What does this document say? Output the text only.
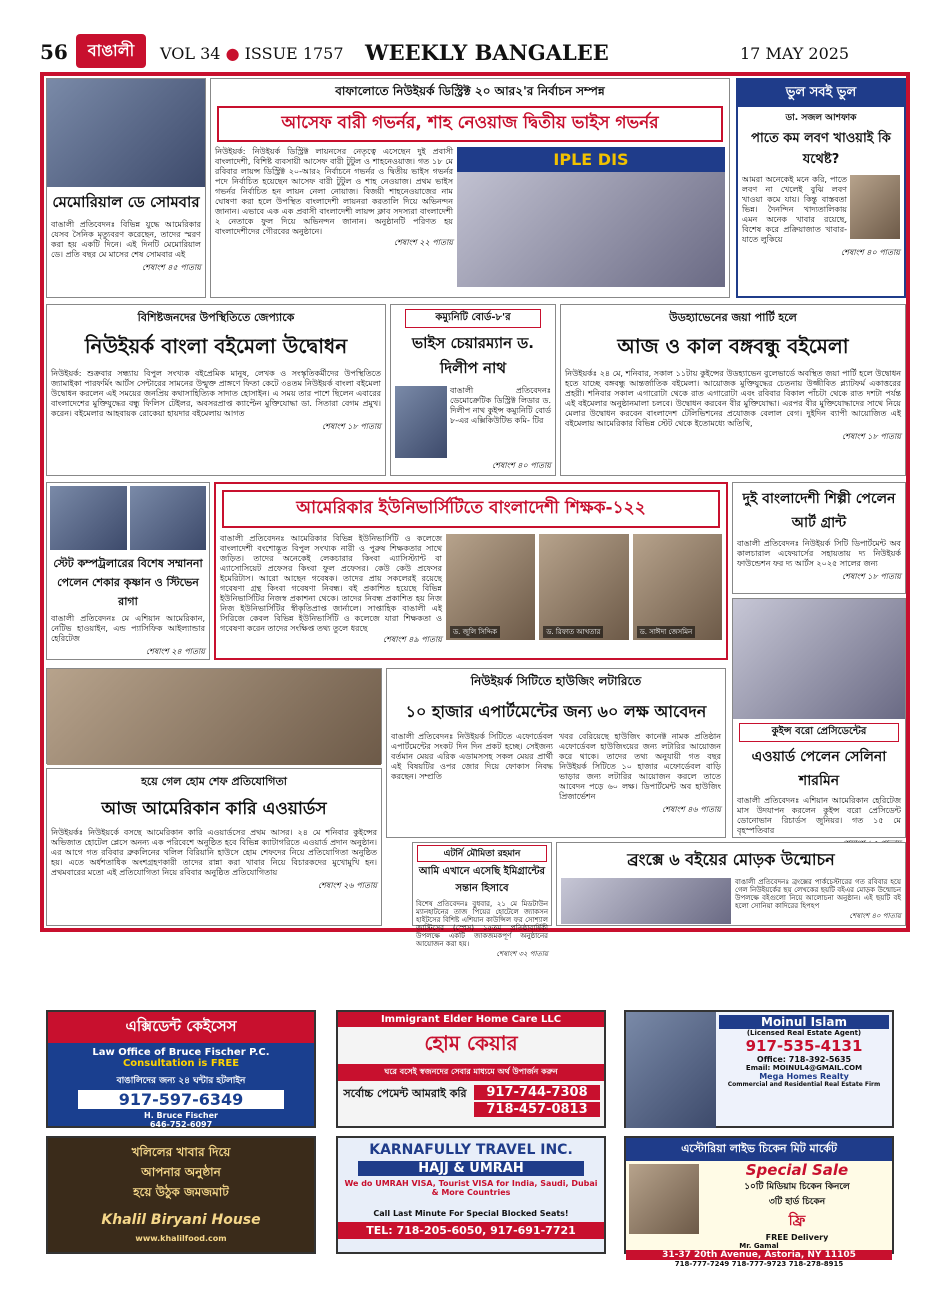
56	বাঙালী	VOL 34 ● ISSUE 1757 WEEKLY BANGALEE	17 MAY 2025
মেমোরিয়াল ডে সোমবার
বাঙালী প্রতিবেদনঃ বিভিন্ন যুদ্ধে আমেরিকার যেসব সৈনিক মৃত্যুবরণ করেছেন, তাদের স্মরণ করা হয় একটি দিনে। এই দিনটি মেমোরিয়াল ডে। প্রতি বছর মে মাসের শেষ সোমবার এই
শেষাংশ ৪৫ পাতায়
বাফালোতে নিউইয়র্ক ডিস্ট্রিক্ট ২০ আর২'র নির্বাচন সম্পন্ন
আসেফ বারী গভর্নর, শাহ নেওয়াজ দ্বিতীয় ভাইস গভর্নর
নিউইয়র্ক: নিউইয়র্ক ডিস্ট্রিক্ট লায়নসের নেতৃত্বে এসেছেন দুই প্রবাসী বাংলাদেশী, বিশিষ্ট ব্যবসায়ী আসেফ বারী টুটুল ও শাহনেওয়াজ। গত ১৮ মে রবিবার লায়ন্স ডিস্ট্রিক্ট ২০-আর২ নির্বাচনে গভর্নর ও দ্বিতীয় ভাইস গভর্নর পদে নির্বাচিত হয়েছেন আসেফ বারী টুটুল ও শাহ নেওয়াজ। প্রথম ভাইস গভর্নর নির্বাচিত হন লায়ন নেলা নোয়াজ। বিজয়ী শাহনেওয়াজের নাম ঘোষণা করা হলে উপস্থিত বাংলাদেশী লায়নরা করতালি দিয়ে অভিনন্দন জানান। এভাবে এক এক প্রবাসী বাংলাদেশী লায়ন্স ক্লাব সদস্যরা বাংলাদেশী ২ নেতাকে ফুল দিয়ে অভিনন্দন জানান। অনুষ্ঠানটি পরিণত হয় বাংলাদেশীদের গৌরবের অনুষ্ঠানে।
শেষাংশ ২২ পাতায়
IPLE DIS
ভুল সবই ভুল
ডা. সজল আশফাক
পাতে কম লবণ খাওয়াই কি যথেষ্ট?
আমরা অনেকেই মনে করি, পাতে লবণ না খেলেই বুঝি লবণ খাওয়া কমে যায়। কিন্তু বাস্তবতা ভিন্ন। দৈনন্দিন খাদ্যতালিকায় এমন অনেক খাবার রয়েছে, বিশেষ করে প্রক্রিয়াজাত খাবার- যাতে লুকিয়ে
শেষাংশ ৪০ পাতায়
বিশিষ্টজনদের উপস্থিতিতে জেপ্যাকে
নিউইয়র্ক বাংলা বইমেলা উদ্বোধন
নিউইয়র্ক: শুক্রবার সন্ধ্যায় বিপুল সংখ্যক বইপ্রেমিক মানুষ, লেখক ও সংস্কৃতিকর্মীদের উপস্থিতিতে জ্যামাইকা পারফর্মিং আর্টস সেন্টারের সামনের উন্মুক্ত প্রাঙ্গণে ফিতা কেটে ৩৪তম নিউইয়র্ক বাংলা বইমেলা উদ্বোধন করলেন এই সময়ের জনপ্রিয় কথাসাহিত্যিক সাদাত হোসাইন। এ সময় তার পাশে ছিলেন এবারের বাংলাদেশের মুক্তিযুদ্ধের বন্ধু ফিলিস টেইলর, অবসরপ্রাপ্ত ক্যাপ্টেন মুক্তিযোদ্ধা ডা. সিতারা বেগম প্রমুখ। করেন। বইমেলার আহবায়ক রোকেয়া হায়দার বইমেলায় আগত
শেষাংশ ১৮ পাতায়
কম্যুনিটি বোর্ড-৮'র
ভাইস চেয়ারম্যান ড. দিলীপ নাথ
বাঙালী প্রতিবেদনঃ ডেমোক্রেটিক ডিস্ট্রিক্ট লিডার ড. দিলীপ নাথ কুইন্স কম্যুনিটি বোর্ড ৮-এর এক্সিকিউটিভ কমি- টির
শেষাংশ ৪০ পাতায়
উডহ্যাভেনের জয়া পার্টি হলে
আজ ও কাল বঙ্গবন্ধু বইমেলা
নিউইয়র্কঃ ২৪ মে, শনিবার, সকাল ১১টায় কুইন্সের উডহ্যাভেন বুলেভার্ডে অবস্থিত জয়া পার্টি হলে উদ্বোধন হতে যাচ্ছে বঙ্গবন্ধু আন্তর্জাতিক বইমেলা। আয়োজক মুক্তিযুদ্ধের চেতনায় উজ্জীবিত প্ল্যাটফর্ম একাত্তরের প্রহরী। শনিবার সকাল এগারোটা থেকে রাত এগারোটা এবং রবিবার বিকাল পাঁচটা থেকে রাত দশটা পর্যন্ত এই বইমেলার অনুষ্ঠানমালা চলবে। উদ্বোধন করবেন বীর মুক্তিযোদ্ধা। এরপর বীর মুক্তিযোদ্ধাদের সাথে নিয়ে মেলার উদ্বোধন করবেন বাংলাদেশ টেলিভিশনের প্রযোজক বেলাল বেগ। দুইদিন ব্যাপী আয়োজিত এই বইমেলায় আমেরিকার বিভিন্ন স্টেট থেকে ইতোমধ্যে অতিথি,
শেষাংশ ১৮ পাতায়
স্টেট কম্পট্রলারের বিশেষ সম্মাননা পেলেন শেকার কৃষ্ণান ও স্টিভেন রাগা
বাঙালী প্রতিবেদনঃ মে এশিয়ান আমেরিকান, নেটিভ হাওয়াইন, এন্ড প্যাসিফিক আইল্যান্ডার হেরিটেজ
শেষাংশ ২৪ পাতায়
আমেরিকার ইউনিভার্সিটিতে বাংলাদেশী শিক্ষক-১২২
বাঙালী প্রতিবেদনঃ আমেরিকার বিভিন্ন ইউনিভার্সিটি ও কলেজে বাংলাদেশী বংশোদ্ভূত বিপুল সংখ্যক নারী ও পুরুষ শিক্ষকতার সাথে জড়িত। তাদের অনেকেই লেকচারার কিংবা এ্যাসিস্ট্যান্ট বা এ্যাসোসিয়েট প্রফেসর কিংবা ফুল প্রফেসর। কেউ কেউ প্রফেসর ইমেরিটাস। আরো আছেন গবেষক। তাদের প্রায় সকলেরই রয়েছে গবেষণা গ্রন্থ কিংবা গবেষণা নিবন্ধ। বই প্রকাশিত হয়েছে বিভিন্ন ইউনিভার্সিটির নিজস্ব প্রকাশনা থেকে। তাদের নিবন্ধ প্রকাশিত হয় নিজ নিজ ইউনিভার্সিটির স্বীকৃতিপ্রাপ্ত জার্নালে। সাপ্তাহিক বাঙালী এই সিরিজে কেবল বিভিন্ন ইউনিভার্সিটি ও কলেজে যারা শিক্ষকতা ও গবেষণা করেন তাদের সংক্ষিপ্ত তথ্য তুলে ধরছে
শেষাংশ ৪৯ পাতায়
ড. জুলি সিদ্দিক	ড. রিফাত আখতার	ড. সাঈদা জেসমিন
দুই বাংলাদেশী শিল্পী পেলেন আর্ট গ্রান্ট
বাঙালী প্রতিবেদনঃ নিউইয়র্ক সিটি ডিপার্টমেন্ট অব কালচারাল এফেয়ার্সের সহায়তায় দ্য নিউইয়র্ক ফাউন্ডেশন ফর দ্য আর্টস ২০২৫ সালের জন্য
শেষাংশ ১৮ পাতায়
নিউইয়র্ক সিটিতে হাউজিং লটারিতে
১০ হাজার এপার্টমেন্টের জন্য ৬০ লক্ষ আবেদন
বাঙালী প্রতিবেদনঃ নিউইয়র্ক সিটিতে এফোর্ডেবল এপার্টমেন্টের সংকট দিন দিন প্রকট হচ্ছে। সেইজন্য বর্তমান মেয়র এরিক এডামসসহ সকল মেয়র প্রার্থী এই বিষয়টির ওপর জোর দিয়ে ফোকাস নিবদ্ধ করছেন। সম্প্রতি
খবর বেরিয়েছে হাউজিং কানেক্ট নামক প্রতিষ্ঠান এফোর্ডেবল হাউজিংয়ের জন্য লটারির আয়োজন করে থাকে। তাদের তথ্য অনুযায়ী গত বছর নিউইয়র্ক সিটিতে ১০ হাজার এফোর্ডেবল বাড়ি ভাড়ার জন্য লটারির আয়োজন করলে তাতে আবেদন পড়ে ৬০ লক্ষ। ডিপার্টমেন্ট অব হাউজিং প্রিজার্ভেশন
শেষাংশ ৪৬ পাতায়
কুইন্স বরো প্রেসিডেন্টের
এওয়ার্ড পেলেন সেলিনা শারমিন
বাঙালী প্রতিবেদনঃ এশিয়ান আমেরিকান হেরিটেজ মাস উদযাপন করলেন কুইন্স বরো প্রেসিডেন্ট ডোনোভান রিচার্ডস জুনিয়র। গত ১৫ মে বৃহস্পতিবার
হয়ে গেল হোম শেফ প্রতিযোগিতা
আজ আমেরিকান কারি এওয়ার্ডস
নিউইয়র্কঃ নিউইয়র্কে বসছে আমেরিকান কারি এওয়ার্ডসের প্রথম আসর। ২৪ মে শনিবার কুইন্সের অভিজাত হোটেল প্লেসে অনন্য এক পরিবেশে অনুষ্ঠিত হবে বিভিন্ন ক্যাটাগরিতে এওয়ার্ড প্রদান অনুষ্ঠান। এর আগে গত রবিবার ব্রুকলিনের খলিল বিরিয়ানি হাউসে হোম শেফদের নিয়ে প্রতিযোগিতা অনুষ্ঠিত হয়। এতে অর্ধশতাধিক অংশগ্রহণকারী তাদের রান্না করা খাবার নিয়ে বিচারকদের মুখোমুখি হন। প্রথমবারের মতো এই প্রতিযোগিতা নিয়ে রবিবার অনুষ্ঠিত প্রতিযোগিতায়
শেষাংশ ২৬ পাতায়
এটর্নি মৌমিতা রহমান
আমি এখানে এসেছি ইমিগ্রান্টের সন্তান হিসাবে
বিশেষ প্রতিবেদনঃ বুধবার, ২১ মে মিডটাউন ম্যানহাটনের তাজ পিয়ের হোটেলে জ্যাকসন হাইটসের বিশিষ্ট এশিয়ান কাউন্সিল ফর সোশ্যাল জাস্টিসের (স্পেস) ১৫তম প্রতিষ্ঠাবার্ষিকী উপলক্ষে একটি জাকজমকপূর্ণ অনুষ্ঠানের আয়োজন করা হয়।
শেষাংশ ৩২ পাতায়
ব্রংক্সে ৬ বইয়ের মোড়ক উন্মোচন
বাঙালী প্রতিবেদনঃ ব্রংক্সের পার্কচেস্টারের গত রবিবার হয়ে গেল নিউইয়র্কের ছয় লেখকের ছয়টি বইএর মোড়ক উন্মোচন উপলক্ষে বইগুলো নিয়ে আলোচনা অনুষ্ঠান। এই ছয়টি বই হলো সোনিয়া কাদিরের হিপহপ
শেষাংশ ৪০ পাতায়
এক্সিডেন্ট কেইসেস
Law Office of Bruce Fischer P.C.
Consultation is FREE
বাঙালিদের জন্য ২৪ ঘন্টার হটলাইন
917-597-6349
H. Bruce Fischer
646-752-6097
Immigrant Elder Home Care LLC
হোম কেয়ার
ঘরে বসেই স্বজনদের সেবার মাধ্যমে অর্থ উপার্জন করুন
সর্বোচ্চ পেমেন্ট আমরাই করি	917-744-7308
718-457-0813
Moinul Islam
(Licensed Real Estate Agent)
917-535-4131
Office: 718-392-5635
Email: MOINUL4@GMAIL.COM
Mega Homes Realty
Commercial and Residential Real Estate Firm
খলিলের খাবার দিয়ে
আপনার অনুষ্ঠান
হয়ে উঠুক জমজমাট
Khalil Biryani House
www.khalilfood.com
KARNAFULLY TRAVEL INC.
HAJJ & UMRAH
We do UMRAH VISA, Tourist VISA for India, Saudi, Dubai & More Countries
Call Last Minute For Special Blocked Seats!
TEL: 718-205-6050, 917-691-7721
এস্টোরিয়া লাইভ চিকেন মিট মার্কেট
Special Sale
১০টি মিডিয়াম চিকেন কিনলে
৩টি হার্ড চিকেন
ফ্রি
FREE Delivery
Mr. Gamal
31-37 20th Avenue, Astoria, NY 11105
718-777-7249 718-777-9723 718-278-8915
